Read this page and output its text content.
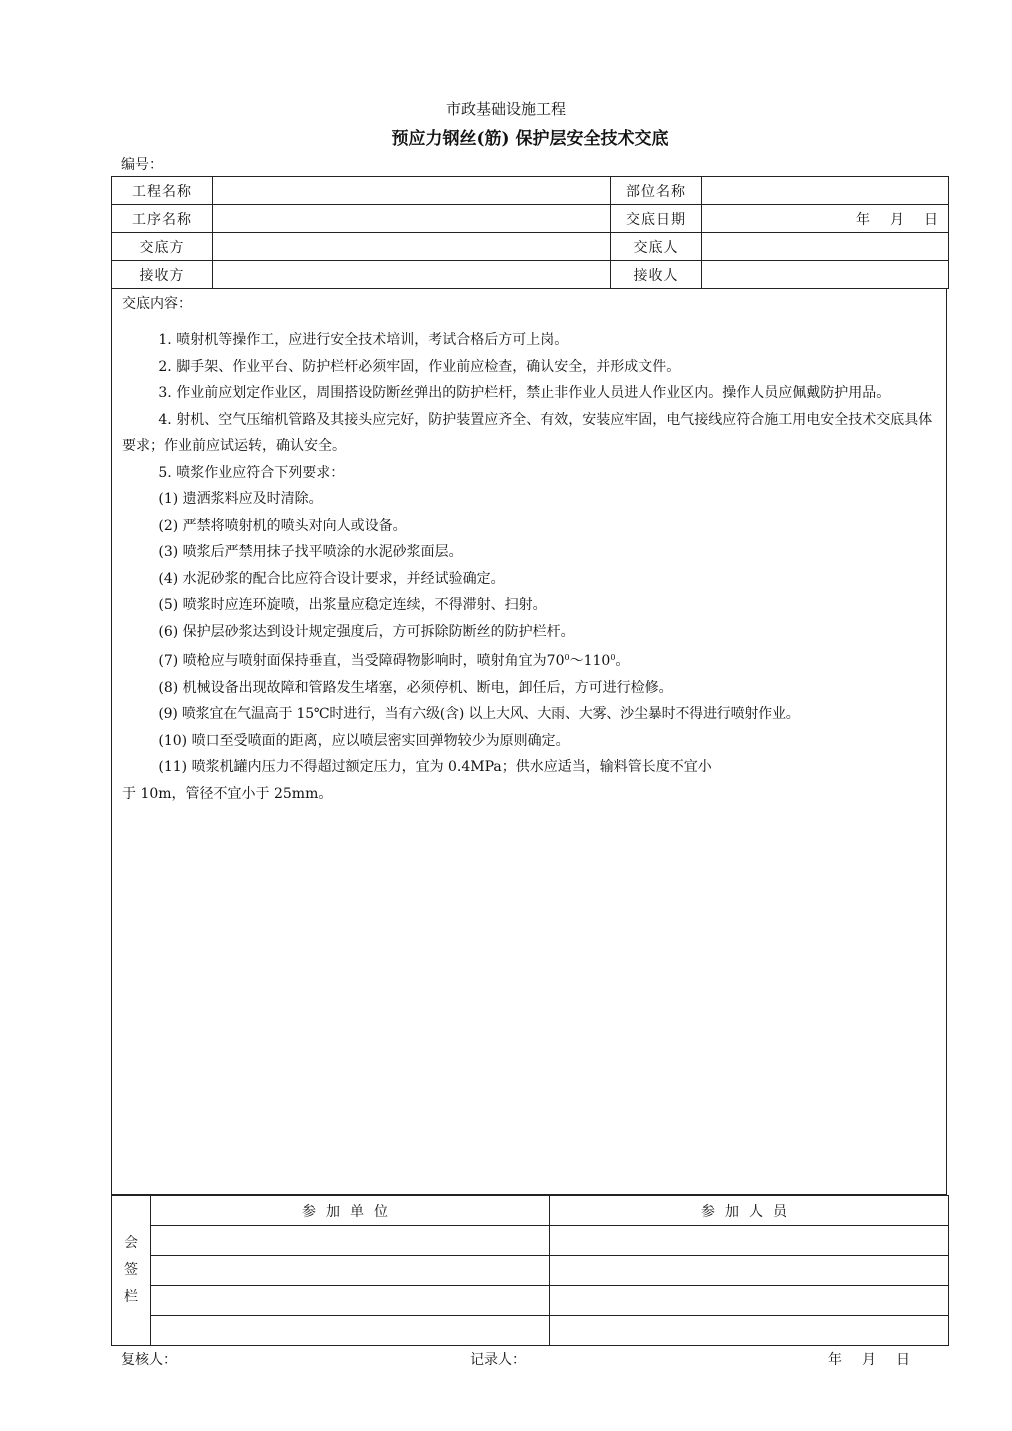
市政基础设施工程
预应力钢丝(筋) 保护层安全技术交底
编号：
工程名称		部位名称	
工序名称		交底日期	年 月 日
交底方		交底人	
接收方		接收人	
交底内容：

1. 喷射机等操作工，应进行安全技术培训，考试合格后方可上岗。

2. 脚手架、作业平台、防护栏杆必须牢固，作业前应检查，确认安全，并形成文件。

3. 作业前应划定作业区，周围搭设防断丝弹出的防护栏杆，禁止非作业人员进人作业区内。操作人员应佩戴防护用品。

4. 射机、空气压缩机管路及其接头应完好，防护装置应齐全、有效，安装应牢固，电气接线应符合施工用电安全技术交底具体要求；作业前应试运转，确认安全。

5. 喷浆作业应符合下列要求：

(1) 遗洒浆料应及时清除。

(2) 严禁将喷射机的喷头对向人或设备。

(3) 喷浆后严禁用抹子找平喷涂的水泥砂浆面层。

(4) 水泥砂浆的配合比应符合设计要求，并经试验确定。

(5) 喷浆时应连环旋喷，出浆量应稳定连续，不得滞射、扫射。

(6) 保护层砂浆达到设计规定强度后，方可拆除防断丝的防护栏杆。

(7) 喷枪应与喷射面保持垂直，当受障碍物影响时，喷射角宜为$70^0\sim 110^0$。

(8) 机械设备出现故障和管路发生堵塞，必须停机、断电，卸任后，方可进行检修。

(9) 喷浆宜在气温高于 15℃时进行，当有六级(含) 以上大风、大雨、大雾、沙尘暴时不得进行喷射作业。

(10) 喷口至受喷面的距离，应以喷层密实回弹物较少为原则确定。

(11) 喷浆机罐内压力不得超过额定压力，宜为 0.4MPa；供水应适当，输料管长度不宜小

于 10m，管径不宜小于 25mm。

会
签
栏	参加单位	参加人员

复核人：	记录人：	年 月 日
